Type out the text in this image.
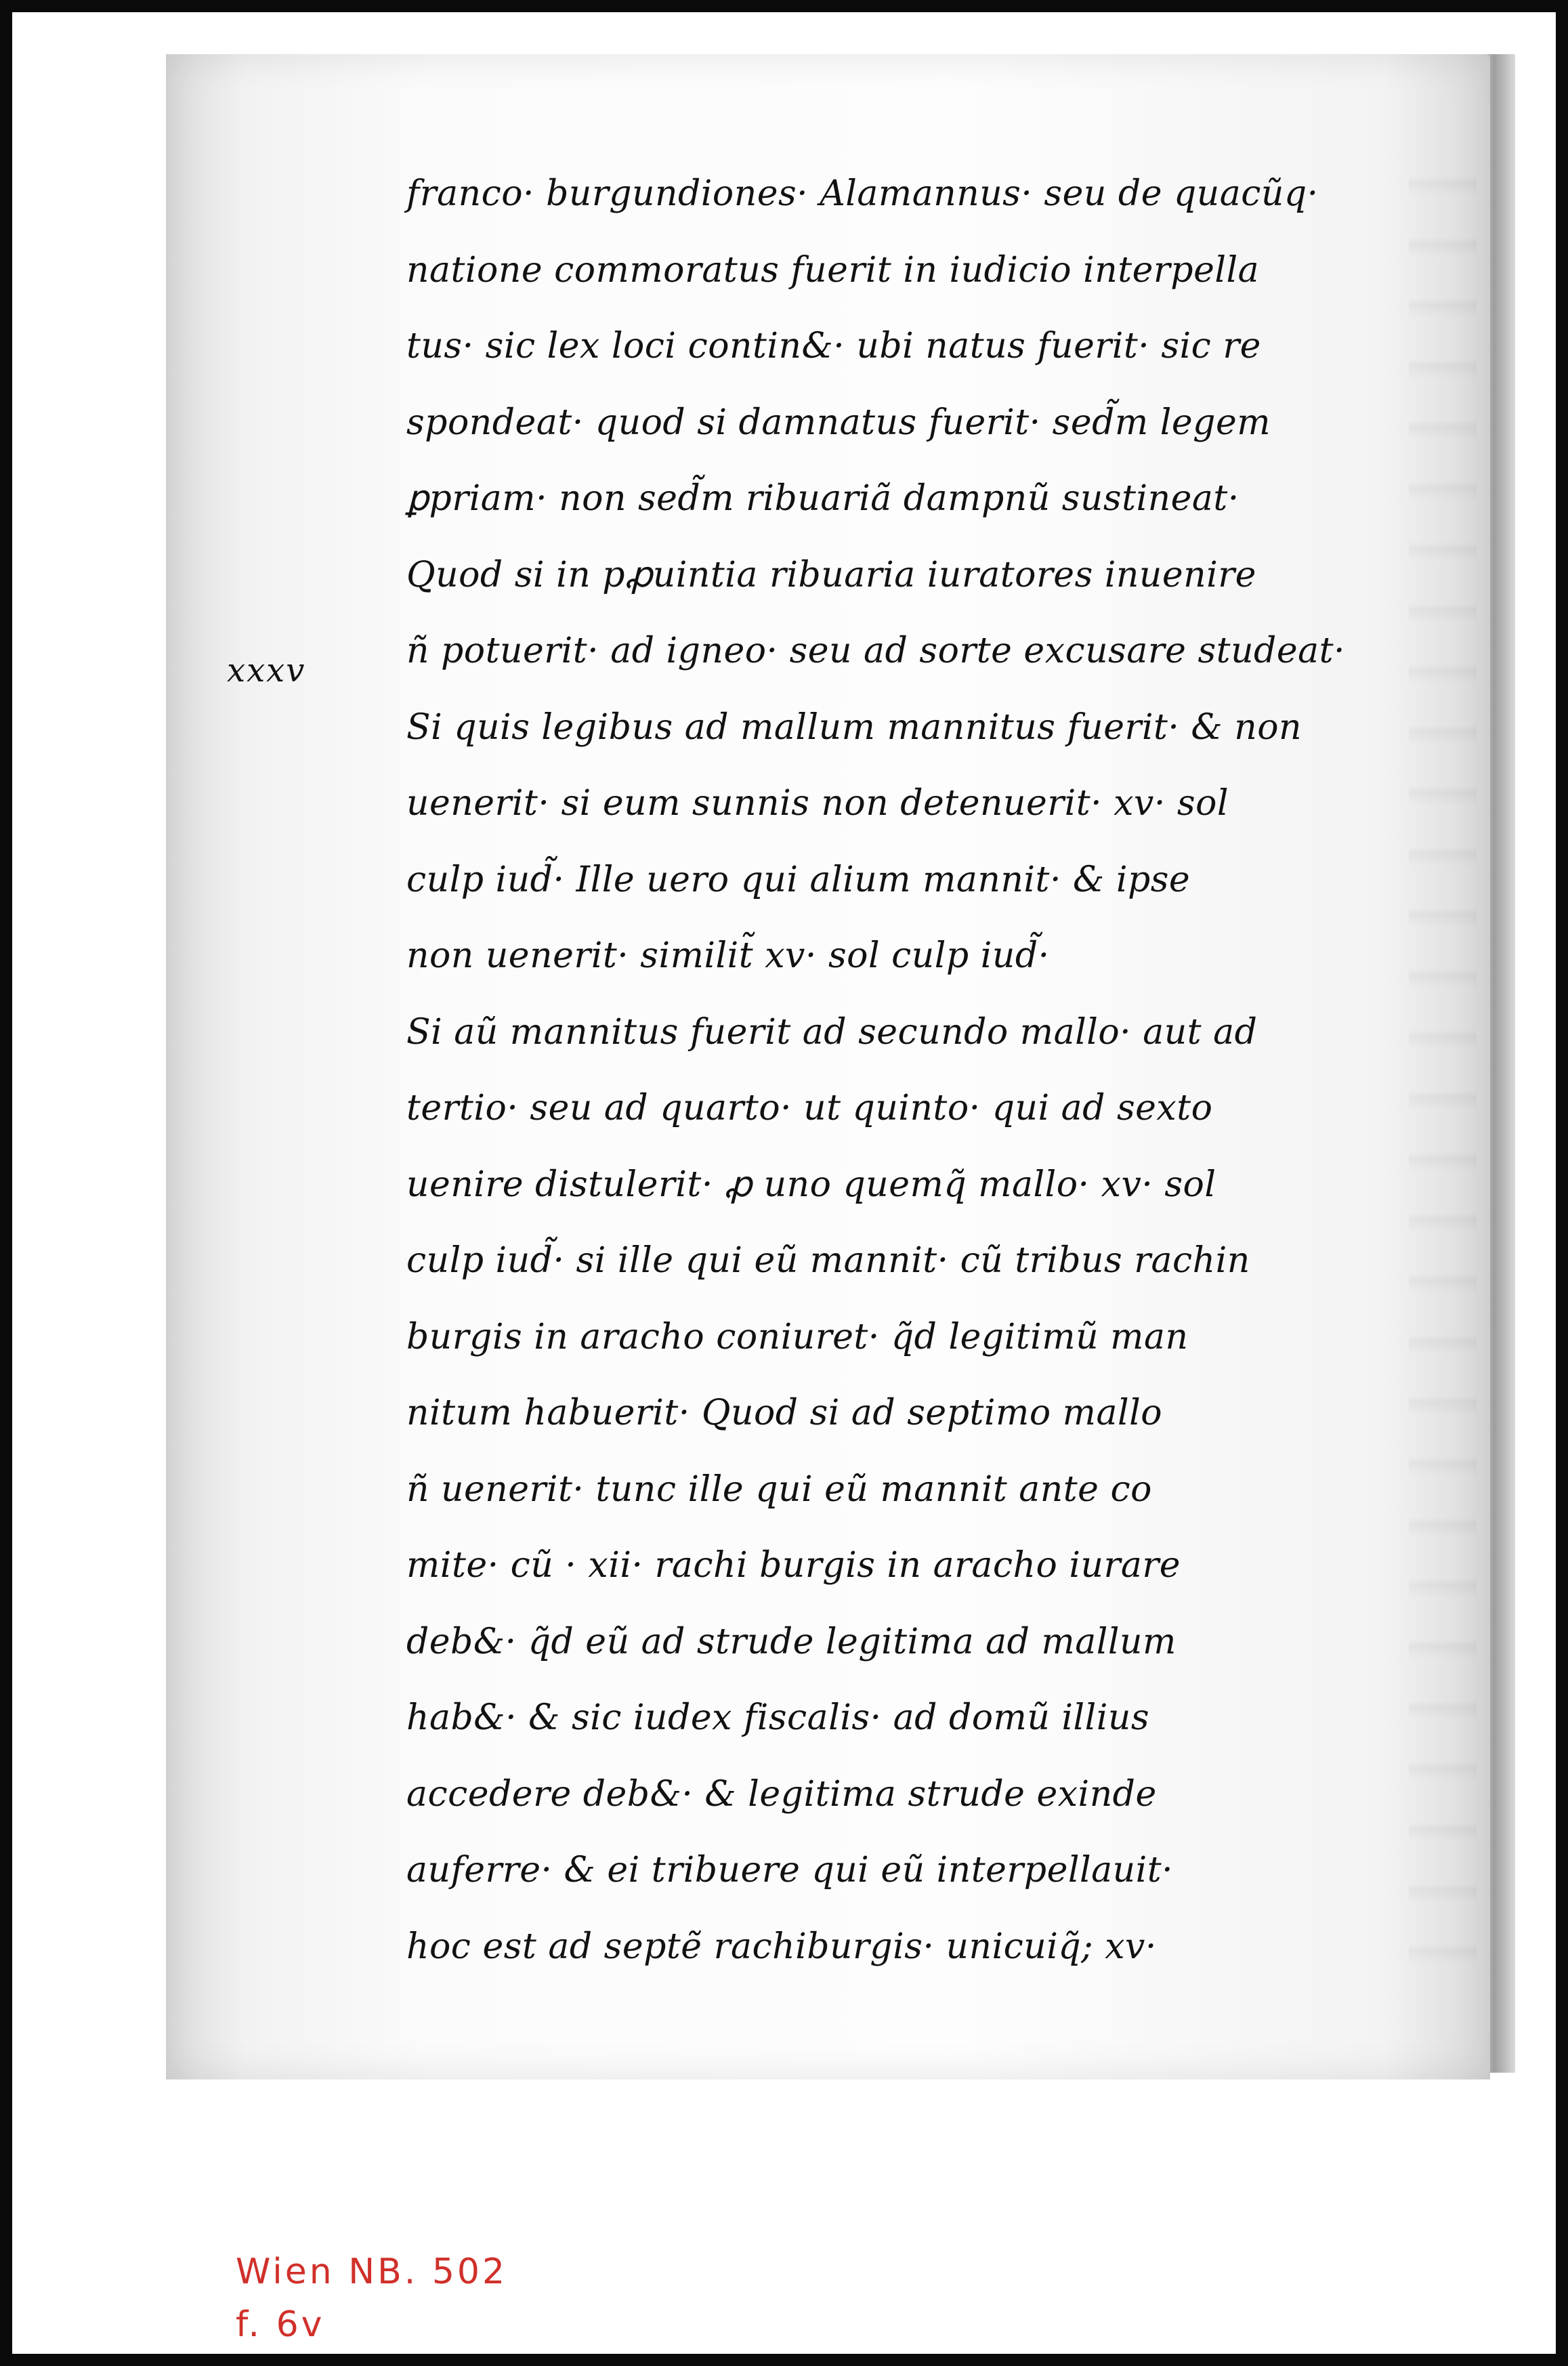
xxxv
franco· burgundiones· Alamannus· seu de quacũq·
natione commoratus fuerit in iudicio interpella
tus· sic lex loci contin&· ubi natus fuerit· sic re
spondeat· quod si damnatus fuerit· sed̃m legem
ꝑpriam· non sed̃m ribuariã dampnũ sustineat·
Quod si in pꝓuintia ribuaria iuratores inuenire
ñ potuerit· ad igneo· seu ad sorte excusare studeat·
Si quis legibus ad mallum mannitus fuerit· & non
uenerit· si eum sunnis non detenuerit· xv· sol
culp iud̃· Ille uero qui alium mannit· & ipse
non uenerit· similit̃ xv· sol culp iud̃·
Si aũ mannitus fuerit ad secundo mallo· aut ad
tertio· seu ad quarto· ut quinto· qui ad sexto
uenire distulerit· ꝓ uno quemq̃ mallo· xv· sol
culp iud̃· si ille qui eũ mannit· cũ tribus rachin
burgis in aracho coniuret· q̃d legitimũ man
nitum habuerit· Quod si ad septimo mallo
ñ uenerit· tunc ille qui eũ mannit ante co
mite· cũ · xii· rachi burgis in aracho iurare
deb&· q̃d eũ ad strude legitima ad mallum
hab&· & sic iudex fiscalis· ad domũ illius
accedere deb&· & legitima strude exinde
auferre· & ei tribuere qui eũ interpellauit·
hoc est ad septẽ rachiburgis· unicuiq̃; xv·
Wien NB. 502
f. 6v
